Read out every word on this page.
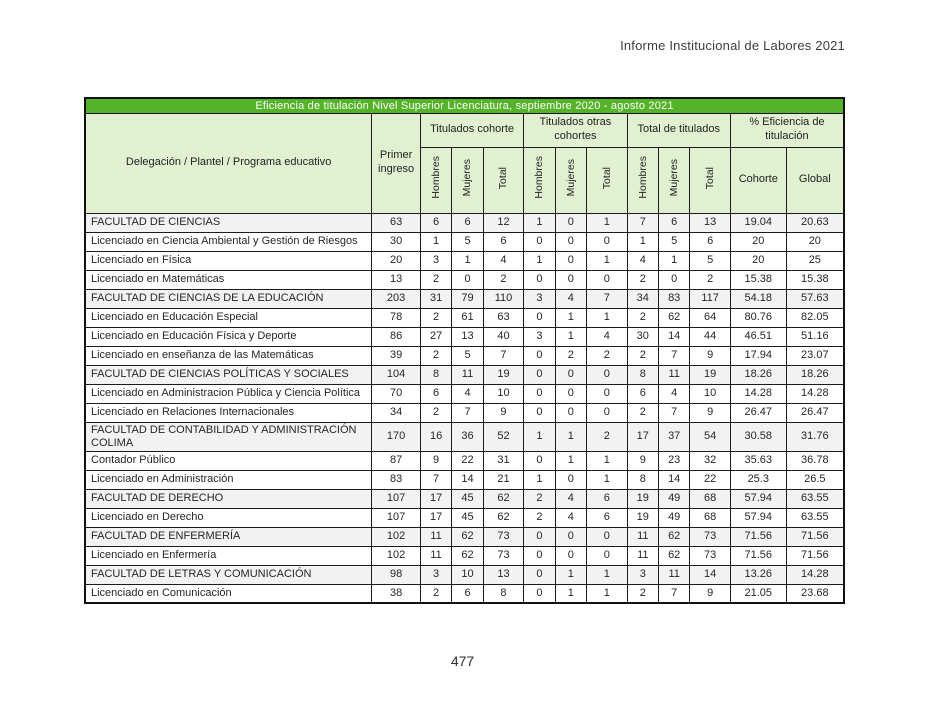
Informe Institucional de Labores 2021
Eficiencia de titulación Nivel Superior Licenciatura, septiembre 2020 - agosto 2021												
Delegación / Plantel / Programa educativo	Primer ingreso	Titulados cohorte			Titulados otras cohortes			Total de titulados			% Eficiencia de titulación	
		Hombres	Mujeres	Total	Hombres	Mujeres	Total	Hombres	Mujeres	Total	Cohorte	Global
FACULTAD DE CIENCIAS	63	6	6	12	1	0	1	7	6	13	19.04	20.63
Licenciado en Ciencia Ambiental y Gestión de Riesgos	30	1	5	6	0	0	0	1	5	6	20	20
Licenciado en Física	20	3	1	4	1	0	1	4	1	5	20	25
Licenciado en Matemáticas	13	2	0	2	0	0	0	2	0	2	15.38	15.38
FACULTAD DE CIENCIAS DE LA EDUCACIÓN	203	31	79	110	3	4	7	34	83	117	54.18	57.63
Licenciado en Educación Especial	78	2	61	63	0	1	1	2	62	64	80.76	82.05
Licenciado en Educación Física y Deporte	86	27	13	40	3	1	4	30	14	44	46.51	51.16
Licenciado en enseñanza de las Matemáticas	39	2	5	7	0	2	2	2	7	9	17.94	23.07
FACULTAD DE CIENCIAS POLÍTICAS Y SOCIALES	104	8	11	19	0	0	0	8	11	19	18.26	18.26
Licenciado en Administracion Pública y Ciencia Política	70	6	4	10	0	0	0	6	4	10	14.28	14.28
Licenciado en Relaciones Internacionales	34	2	7	9	0	0	0	2	7	9	26.47	26.47
FACULTAD DE CONTABILIDAD Y ADMINISTRACIÓN COLIMA	170	16	36	52	1	1	2	17	37	54	30.58	31.76
Contador Público	87	9	22	31	0	1	1	9	23	32	35.63	36.78
Licenciado en Administración	83	7	14	21	1	0	1	8	14	22	25.3	26.5
FACULTAD DE DERECHO	107	17	45	62	2	4	6	19	49	68	57.94	63.55
Licenciado en Derecho	107	17	45	62	2	4	6	19	49	68	57.94	63.55
FACULTAD DE ENFERMERÍA	102	11	62	73	0	0	0	11	62	73	71.56	71.56
Licenciado en Enfermería	102	11	62	73	0	0	0	11	62	73	71.56	71.56
FACULTAD DE LETRAS Y COMUNICACIÓN	98	3	10	13	0	1	1	3	11	14	13.26	14.28
Licenciado en Comunicación	38	2	6	8	0	1	1	2	7	9	21.05	23.68
477
